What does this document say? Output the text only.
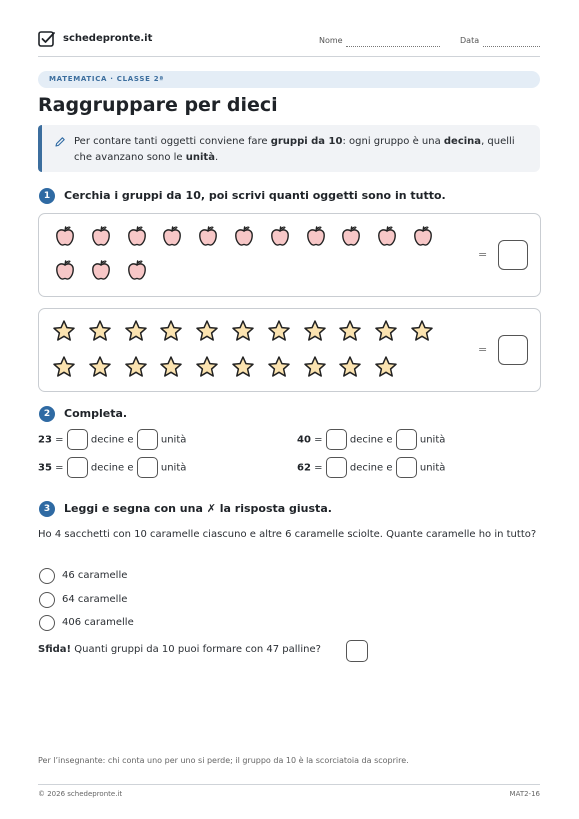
schedepronte.it	Nome	Data
MATEMATICA · CLASSE 2ª
Raggruppare per dieci
Per contare tanti oggetti conviene fare gruppi da 10: ogni gruppo è una decina, quelli che avanzano sono le unità.
1	Cerchia i gruppi da 10, poi scrivi quanti oggetti sono in tutto.
=
=
2	Completa.
23 =	decine e	unità	40 =	decine e	unità
35 =	decine e	unità	62 =	decine e	unità
3	Leggi e segna con una ✗ la risposta giusta.
Ho 4 sacchetti con 10 caramelle ciascuno e altre 6 caramelle sciolte. Quante caramelle ho in tutto?
46 caramelle
64 caramelle
406 caramelle
Sfida! Quanti gruppi da 10 puoi formare con 47 palline?
Per l’insegnante: chi conta uno per uno si perde; il gruppo da 10 è la scorciatoia da scoprire.
© 2026 schedepronte.it	MAT2-16
